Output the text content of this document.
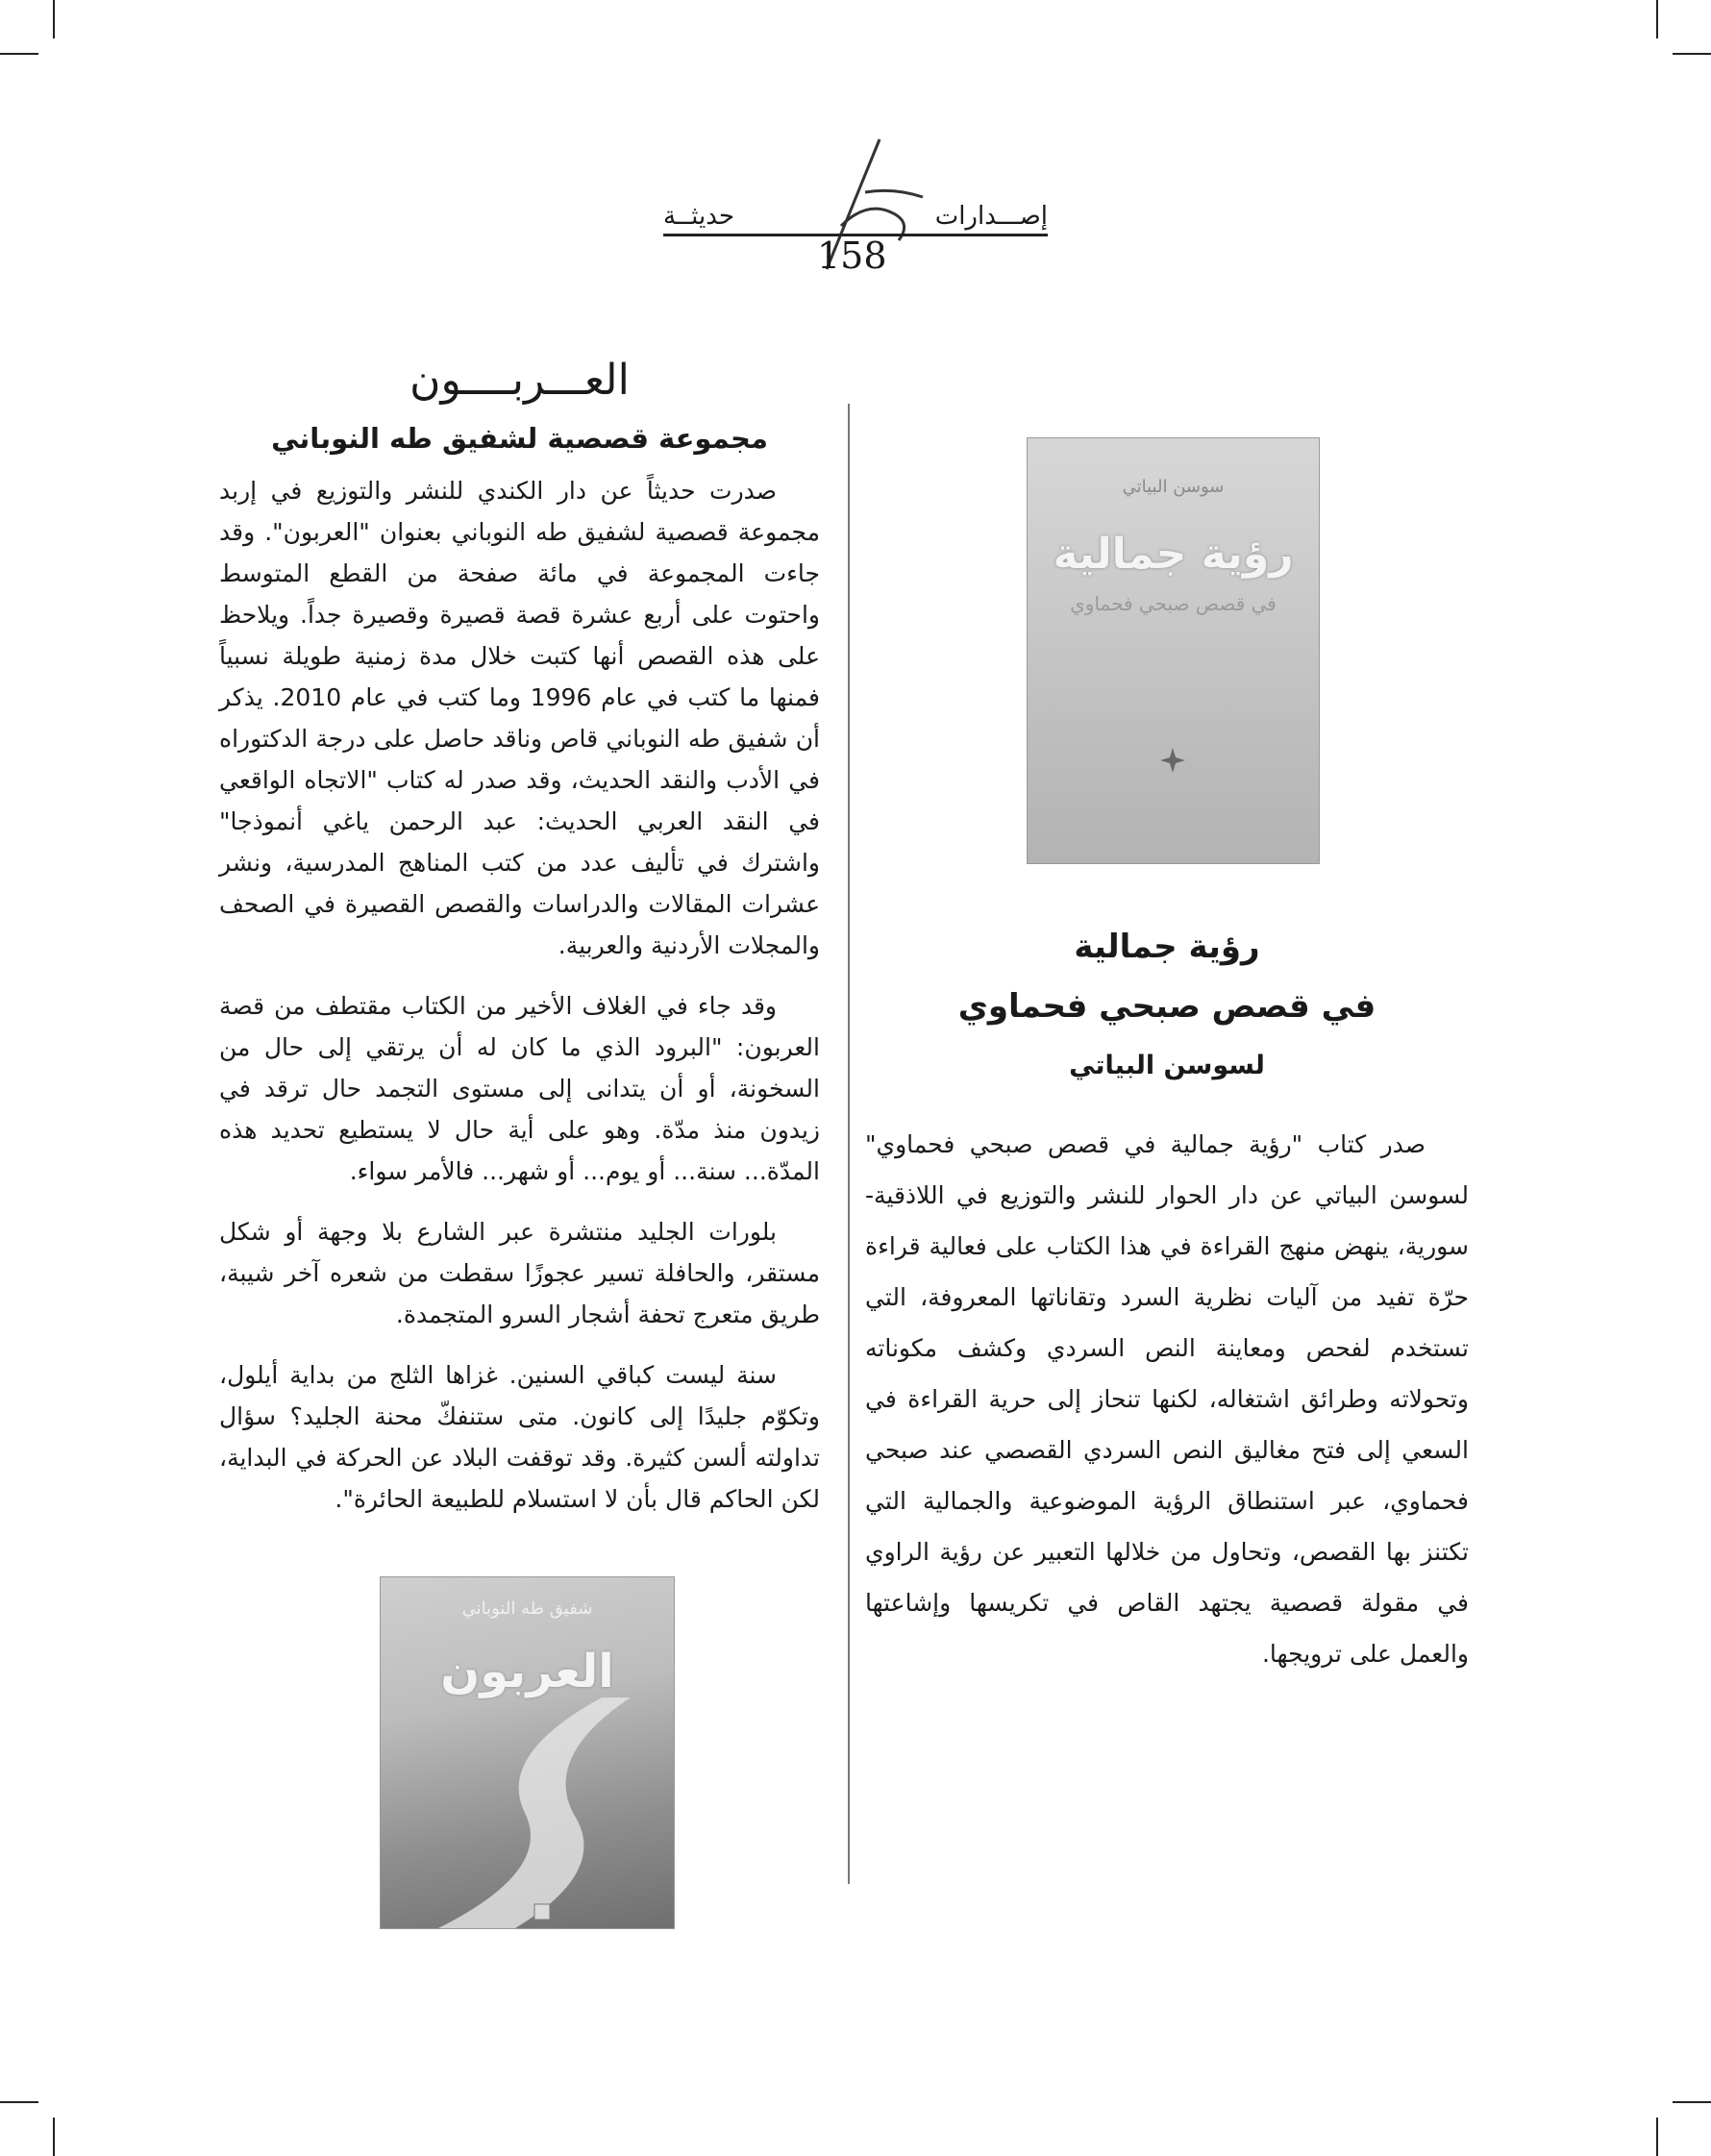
إصـــدارات
حديثــة
158
العـــربــــون
مجموعة قصصية لشفيق طه النوباني

صدرت حديثاً عن دار الكندي للنشر والتوزيع في إربد مجموعة قصصية لشفيق طه النوباني بعنوان "العربون". وقد جاءت المجموعة في مائة صفحة من القطع المتوسط واحتوت على أربع عشرة قصة قصيرة وقصيرة جداً. ويلاحظ على هذه القصص أنها كتبت خلال مدة زمنية طويلة نسبياً فمنها ما كتب في عام 1996 وما كتب في عام 2010. يذكر أن شفيق طه النوباني قاص وناقد حاصل على درجة الدكتوراه في الأدب والنقد الحديث، وقد صدر له كتاب "الاتجاه الواقعي في النقد العربي الحديث: عبد الرحمن ياغي أنموذجا" واشترك في تأليف عدد من كتب المناهج المدرسية، ونشر عشرات المقالات والدراسات والقصص القصيرة في الصحف والمجلات الأردنية والعربية.

وقد جاء في الغلاف الأخير من الكتاب مقتطف من قصة العربون: "البرود الذي ما كان له أن يرتقي إلى حال من السخونة، أو أن يتدانى إلى مستوى التجمد حال ترقد في زيدون منذ مدّة. وهو على أية حال لا يستطيع تحديد هذه المدّة... سنة... أو يوم... أو شهر... فالأمر سواء.

بلورات الجليد منتشرة عبر الشارع بلا وجهة أو شكل مستقر، والحافلة تسير عجوزًا سقطت من شعره آخر شيبة، طريق متعرج تحفة أشجار السرو المتجمدة.

سنة ليست كباقي السنين. غزاها الثلج من بداية أيلول، وتكوّم جليدًا إلى كانون. متى ستنفكّ محنة الجليد؟ سؤال تداولته ألسن كثيرة. وقد توقفت البلاد عن الحركة في البداية، لكن الحاكم قال بأن لا استسلام للطبيعة الحائرة".

شفيق طه النوباني
العربون
سوسن البياتي
رؤية جمالية
في قصص صبحي فحماوي
رؤية جمالية
في قصص صبحي فحماوي

لسوسن البياتي

صدر كتاب "رؤية جمالية في قصص صبحي فحماوي" لسوسن البياتي عن دار الحوار للنشر والتوزيع في اللاذقية- سورية، ينهض منهج القراءة في هذا الكتاب على فعالية قراءة حرّة تفيد من آليات نظرية السرد وتقاناتها المعروفة، التي تستخدم لفحص ومعاينة النص السردي وكشف مكوناته وتحولاته وطرائق اشتغاله، لكنها تنحاز إلى حرية القراءة في السعي إلى فتح مغاليق النص السردي القصصي عند صبحي فحماوي، عبر استنطاق الرؤية الموضوعية والجمالية التي تكتنز بها القصص، وتحاول من خلالها التعبير عن رؤية الراوي في مقولة قصصية يجتهد القاص في تكريسها وإشاعتها والعمل على ترويجها.
